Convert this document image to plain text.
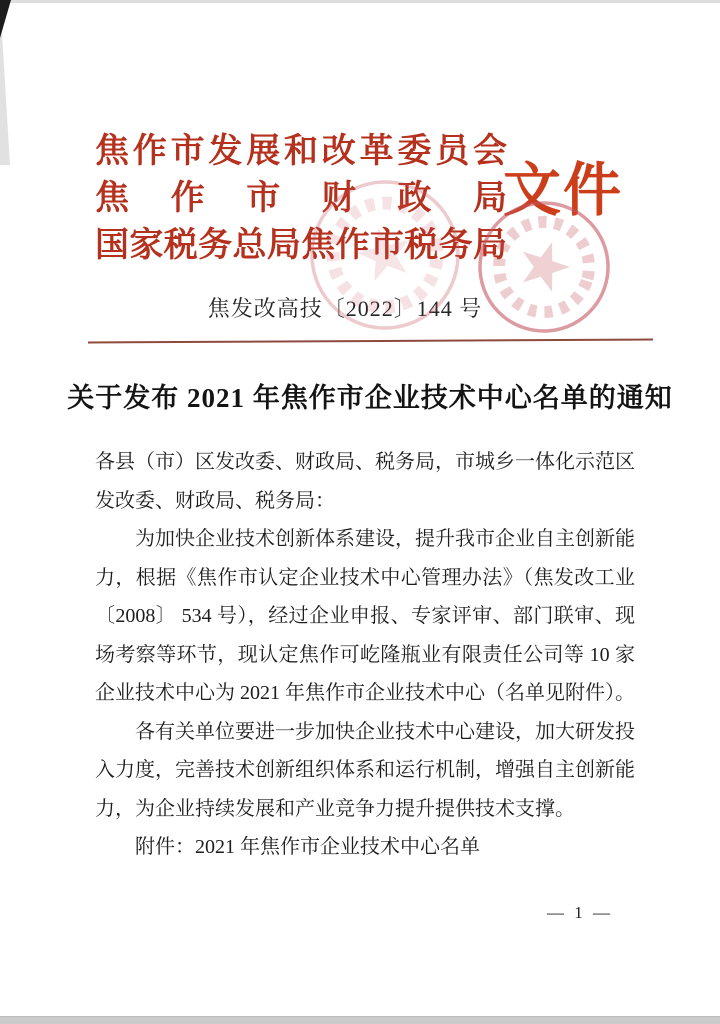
焦作市发展和改革委员会
焦作市财政局
国家税务总局焦作市税务局
文件
焦发改高技〔2022〕144 号
关于发布 2021 年焦作市企业技术中心名单的通知

各县（市）区发改委、财政局、税务局，市城乡一体化示范区发改委、财政局、税务局：

为加快企业技术创新体系建设，提升我市企业自主创新能力，根据《焦作市认定企业技术中心管理办法》（焦发改工业〔2008〕 534 号），经过企业申报、专家评审、部门联审、现场考察等环节，现认定焦作可屹隆瓶业有限责任公司等 10 家企业技术中心为 2021 年焦作市企业技术中心（名单见附件）。

各有关单位要进一步加快企业技术中心建设，加大研发投入力度，完善技术创新组织体系和运行机制，增强自主创新能力，为企业持续发展和产业竞争力提升提供技术支撑。

附件：2021 年焦作市企业技术中心名单

— 1 —
